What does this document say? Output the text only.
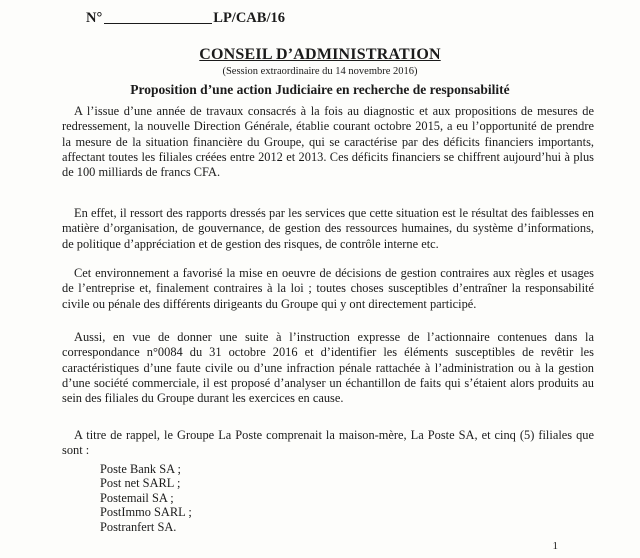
N°	LP/CAB/16
CONSEIL D’ADMINISTRATION
(Session extraordinaire du 14 novembre 2016)
Proposition d’une action Judiciaire en recherche de responsabilité

A l’issue d’une année de travaux consacrés à la fois au diagnostic et aux propositions de mesures de redressement, la nouvelle Direction Générale, établie courant octobre 2015, a eu l’opportunité de prendre la mesure de la situation financière du Groupe, qui se caractérise par des déficits financiers importants, affectant toutes les filiales créées entre 2012 et 2013. Ces déficits financiers se chiffrent aujourd’hui à plus de 100 milliards de francs CFA.

En effet, il ressort des rapports dressés par les services que cette situation est le résultat des faiblesses en matière d’organisation, de gouvernance, de gestion des ressources humaines, du système d’informations, de politique d’appréciation et de gestion des risques, de contrôle interne etc.

Cet environnement a favorisé la mise en oeuvre de décisions de gestion contraires aux règles et usages de l’entreprise et, finalement contraires à la loi ; toutes choses susceptibles d’entraîner la responsabilité civile ou pénale des différents dirigeants du Groupe qui y ont directement participé.

Aussi, en vue de donner une suite à l’instruction expresse de l’actionnaire contenues dans la correspondance n°0084 du 31 octobre 2016 et d’identifier les éléments susceptibles de revêtir les caractéristiques d’une faute civile ou d’une infraction pénale rattachée à l’administration ou à la gestion d’une société commerciale, il est proposé d’analyser un échantillon de faits qui s’étaient alors produits au sein des filiales du Groupe durant les exercices en cause.

A titre de rappel, le Groupe La Poste comprenait la maison-mère, La Poste SA, et cinq (5) filiales que sont :

Poste Bank SA ;
Post net SARL ;
Postemail SA ;
PostImmo SARL ;
Postranfert SA.
1
